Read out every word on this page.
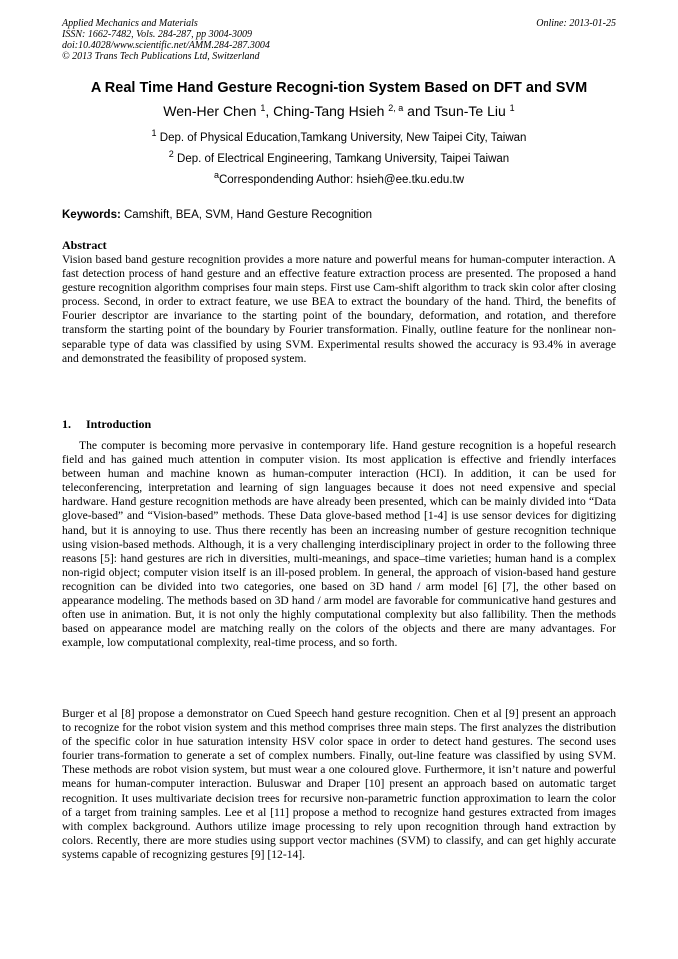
Applied Mechanics and Materials
ISSN: 1662-7482, Vols. 284-287, pp 3004-3009
doi:10.4028/www.scientific.net/AMM.284-287.3004
© 2013 Trans Tech Publications Ltd, Switzerland
Online: 2013-01-25
A Real Time Hand Gesture Recogni-tion System Based on DFT and SVM
Wen-Her Chen $^1$, Ching-Tang Hsieh $^{2, a}$ and Tsun-Te Liu $^1$
$^1$ Dep. of Physical Education,Tamkang University, New Taipei City, Taiwan
$^2$ Dep. of Electrical Engineering, Tamkang University, Taipei Taiwan
$^a$Correspondending Author: hsieh@ee.tku.edu.tw
Keywords: Camshift, BEA, SVM, Hand Gesture Recognition
Abstract
Vision based band gesture recognition provides a more nature and powerful means for human-computer interaction. A fast detection process of hand gesture and an effective feature extraction process are presented. The proposed a hand gesture recognition algorithm comprises four main steps. First use Cam-shift algorithm to track skin color after closing process. Second, in order to extract feature, we use BEA to extract the boundary of the hand. Third, the benefits of Fourier descriptor are invariance to the starting point of the boundary, deformation, and rotation, and therefore transform the starting point of the boundary by Fourier transformation. Finally, outline feature for the nonlinear non-separable type of data was classified by using SVM. Experimental results showed the accuracy is 93.4% in average and demonstrated the feasibility of proposed system.
1. Introduction
The computer is becoming more pervasive in contemporary life. Hand gesture recognition is a hopeful research field and has gained much attention in computer vision. Its most application is effective and friendly interfaces between human and machine known as human-computer interaction (HCI). In addition, it can be used for teleconferencing, interpretation and learning of sign languages because it does not need expensive and special hardware. Hand gesture recognition methods are have already been presented, which can be mainly divided into “Data glove-based” and “Vision-based” methods. These Data glove-based method [1-4] is use sensor devices for digitizing hand, but it is annoying to use. Thus there recently has been an increasing number of gesture recognition technique using vision-based methods. Although, it is a very challenging interdisciplinary project in order to the following three reasons [5]: hand gestures are rich in diversities, multi-meanings, and space–time varieties; human hand is a complex non-rigid object; computer vision itself is an ill-posed problem. In general, the approach of vision-based hand gesture recognition can be divided into two categories, one based on 3D hand / arm model [6] [7], the other based on appearance modeling. The methods based on 3D hand / arm model are favorable for communicative hand gestures and often use in animation. But, it is not only the highly computational complexity but also fallibility. Then the methods based on appearance model are matching really on the colors of the objects and there are many advantages. For example, low computational complexity, real-time process, and so forth.
Burger et al [8] propose a demonstrator on Cued Speech hand gesture recognition. Chen et al [9] present an approach to recognize for the robot vision system and this method comprises three main steps. The first analyzes the distribution of the specific color in hue saturation intensity HSV color space in order to detect hand gestures. The second uses fourier trans-formation to generate a set of complex numbers. Finally, out-line feature was classified by using SVM. These methods are robot vision system, but must wear a one coloured glove. Furthermore, it isn’t nature and powerful means for human-computer interaction. Buluswar and Draper [10] present an approach based on automatic target recognition. It uses multivariate decision trees for recursive non-parametric function approximation to learn the color of a target from training samples. Lee et al [11] propose a method to recognize hand gestures extracted from images with complex background. Authors utilize image processing to rely upon recognition through hand extraction by colors. Recently, there are more studies using support vector machines (SVM) to classify, and can get highly accurate systems capable of recognizing gestures [9] [12-14].
